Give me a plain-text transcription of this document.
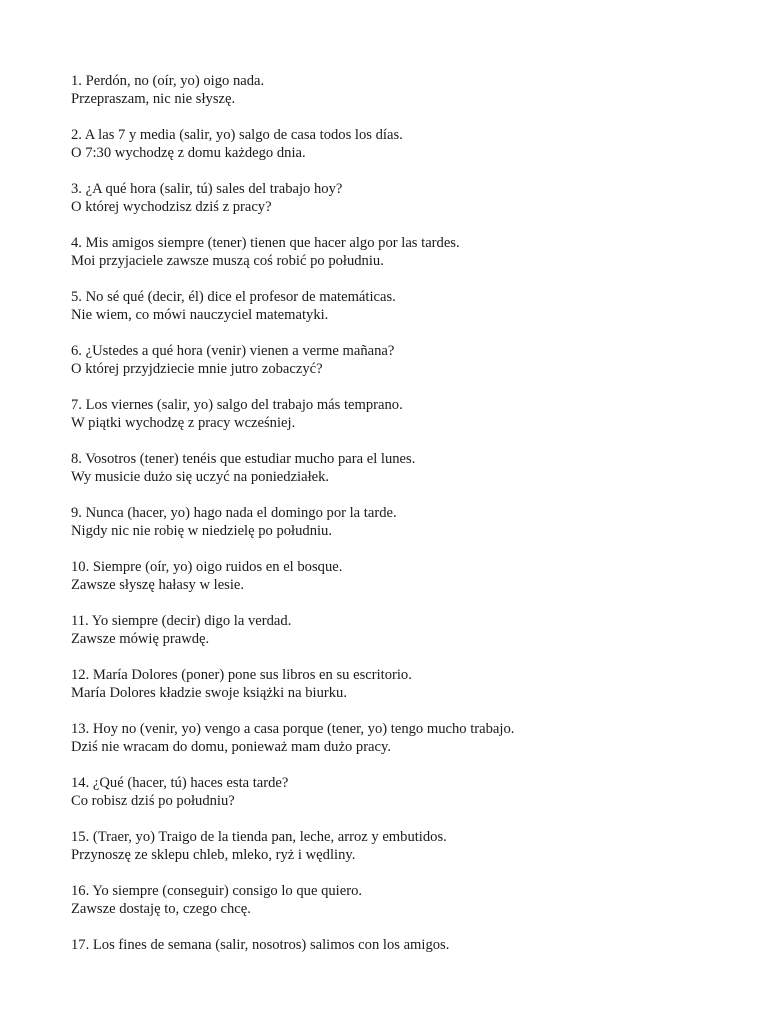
1. Perdón, no (oír, yo) oigo nada.
Przepraszam, nic nie słyszę.
2. A las 7 y media (salir, yo) salgo de casa todos los días.
O 7:30 wychodzę z domu każdego dnia.
3. ¿A qué hora (salir, tú) sales del trabajo hoy?
O której wychodzisz dziś z pracy?
4. Mis amigos siempre (tener) tienen que hacer algo por las tardes.
Moi przyjaciele zawsze muszą coś robić po południu.
5. No sé qué (decir, él) dice el profesor de matemáticas.
Nie wiem, co mówi nauczyciel matematyki.
6. ¿Ustedes a qué hora (venir) vienen a verme mañana?
O której przyjdziecie mnie jutro zobaczyć?
7. Los viernes (salir, yo) salgo del trabajo más temprano.
W piątki wychodzę z pracy wcześniej.
8. Vosotros (tener) tenéis que estudiar mucho para el lunes.
Wy musicie dużo się uczyć na poniedziałek.
9. Nunca (hacer, yo) hago nada el domingo por la tarde.
Nigdy nic nie robię w niedzielę po południu.
10. Siempre (oír, yo) oigo ruidos en el bosque.
Zawsze słyszę hałasy w lesie.
11. Yo siempre (decir) digo la verdad.
Zawsze mówię prawdę.
12. María Dolores (poner) pone sus libros en su escritorio.
María Dolores kładzie swoje książki na biurku.
13. Hoy no (venir, yo) vengo a casa porque (tener, yo) tengo mucho trabajo.
Dziś nie wracam do domu, ponieważ mam dużo pracy.
14. ¿Qué (hacer, tú) haces esta tarde?
Co robisz dziś po południu?
15. (Traer, yo) Traigo de la tienda pan, leche, arroz y embutidos.
Przynoszę ze sklepu chleb, mleko, ryż i wędliny.
16. Yo siempre (conseguir) consigo lo que quiero.
Zawsze dostaję to, czego chcę.
17. Los fines de semana (salir, nosotros) salimos con los amigos.
